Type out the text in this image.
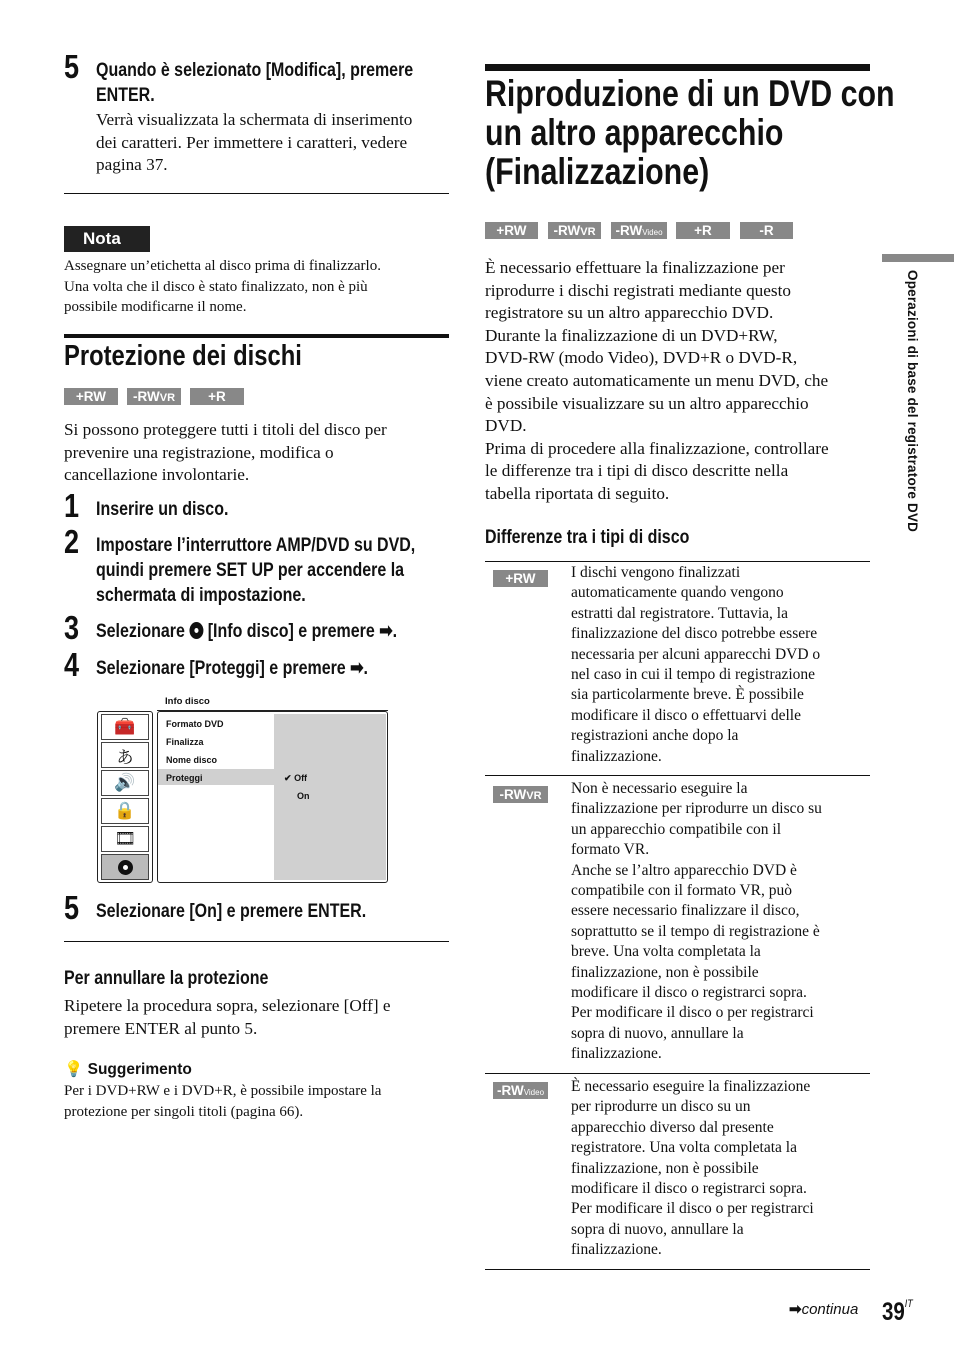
5 Quando è selezionato [Modifica], premere
ENTER.
Verrà visualizzata la schermata di inserimento
dei caratteri. Per immettere i caratteri, vedere
pagina 37.
Nota
Assegnare un’etichetta al disco prima di finalizzarlo.
Una volta che il disco è stato finalizzato, non è più
possibile modificarne il nome.
Protezione dei dischi
+RW	-RWVR	+R
Si possono proteggere tutti i titoli del disco per
prevenire una registrazione, modifica o
cancellazione involontarie.
1 Inserire un disco.
2 Impostare l’interruttore AMP/DVD su DVD,
quindi premere SET UP per accendere la
schermata di impostazione.
3 Selezionare [Info disco] e premere ➡.
4 Selezionare [Proteggi] e premere ➡.
Info disco
🧰
あ
🔊
🔒
🎞
Formato DVD
Finalizza
Nome disco
Proteggi	✔ Off
On
5 Selezionare [On] e premere ENTER.
Per annullare la protezione
Ripetere la procedura sopra, selezionare [Off] e
premere ENTER al punto 5.
💡 Suggerimento
Per i DVD+RW e i DVD+R, è possibile impostare la
protezione per singoli titoli (pagina 66).
Riproduzione di un DVD con
un altro apparecchio
(Finalizzazione)
+RW	-RWVR	-RWVideo	+R	-R
È necessario effettuare la finalizzazione per
riprodurre i dischi registrati mediante questo
registratore su un altro apparecchio DVD.
Durante la finalizzazione di un DVD+RW,
DVD-RW (modo Video), DVD+R o DVD-R,
viene creato automaticamente un menu DVD, che
è possibile visualizzare su un altro apparecchio
DVD.
Prima di procedere alla finalizzazione, controllare
le differenze tra i tipi di disco descritte nella
tabella riportata di seguito.
Differenze tra i tipi di disco
+RW	I dischi vengono finalizzati
automaticamente quando vengono
estratti dal registratore. Tuttavia, la
finalizzazione del disco potrebbe essere
necessaria per alcuni apparecchi DVD o
nel caso in cui il tempo di registrazione
sia particolarmente breve. È possibile
modificare il disco o effettuarvi delle
registrazioni anche dopo la
finalizzazione.
-RWVR	Non è necessario eseguire la
finalizzazione per riprodurre un disco su
un apparecchio compatibile con il
formato VR.
Anche se l’altro apparecchio DVD è
compatibile con il formato VR, può
essere necessario finalizzare il disco,
soprattutto se il tempo di registrazione è
breve. Una volta completata la
finalizzazione, non è possibile
modificare il disco o registrarci sopra.
Per modificare il disco o per registrarci
sopra di nuovo, annullare la
finalizzazione.
-RWVideo È necessario eseguire la finalizzazione
per riprodurre un disco su un
apparecchio diverso dal presente
registratore. Una volta completata la
finalizzazione, non è possibile
modificare il disco o registrarci sopra.
Per modificare il disco o per registrarci
sopra di nuovo, annullare la
finalizzazione.
Operazioni di base del registratore DVD
➡continua $39^{IT}$
